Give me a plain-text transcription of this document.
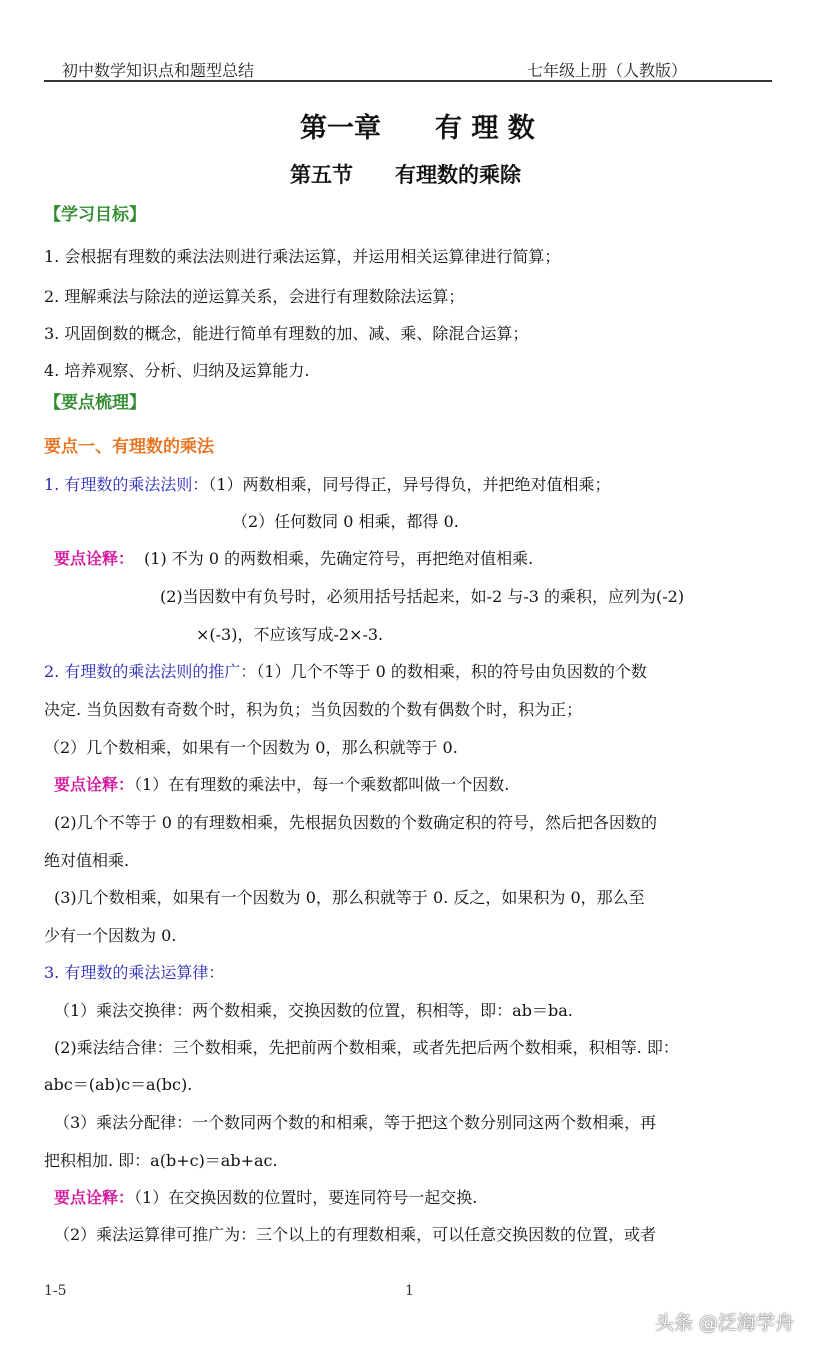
初中数学知识点和题型总结	七年级上册（人教版）
第一章　　有 理 数
第五节　　有理数的乘除
【学习目标】
1. 会根据有理数的乘法法则进行乘法运算，并运用相关运算律进行简算；
2. 理解乘法与除法的逆运算关系，会进行有理数除法运算；
3. 巩固倒数的概念，能进行简单有理数的加、减、乘、除混合运算；
4. 培养观察、分析、归纳及运算能力.
【要点梳理】
要点一、有理数的乘法
1. 有理数的乘法法则：（1）两数相乘，同号得正，异号得负，并把绝对值相乘；
（2）任何数同 0 相乘，都得 0.
要点诠释： (1) 不为 0 的两数相乘，先确定符号，再把绝对值相乘.
(2)当因数中有负号时，必须用括号括起来，如-2 与-3 的乘积，应列为(-2)
×(-3)，不应该写成-2×-3.
2. 有理数的乘法法则的推广：（1）几个不等于 0 的数相乘，积的符号由负因数的个数
决定. 当负因数有奇数个时，积为负；当负因数的个数有偶数个时，积为正；
（2）几个数相乘，如果有一个因数为 0，那么积就等于 0.
要点诠释：（1）在有理数的乘法中，每一个乘数都叫做一个因数.
(2)几个不等于 0 的有理数相乘，先根据负因数的个数确定积的符号，然后把各因数的
绝对值相乘.
(3)几个数相乘，如果有一个因数为 0，那么积就等于 0. 反之，如果积为 0，那么至
少有一个因数为 0.
3. 有理数的乘法运算律：
（1）乘法交换律：两个数相乘，交换因数的位置，积相等，即：ab＝ba.
(2)乘法结合律：三个数相乘，先把前两个数相乘，或者先把后两个数相乘，积相等. 即：
abc＝(ab)c＝a(bc).
（3）乘法分配律：一个数同两个数的和相乘，等于把这个数分别同这两个数相乘，再
把积相加. 即：a(b+c)＝ab+ac.
要点诠释：（1）在交换因数的位置时，要连同符号一起交换.
（2）乘法运算律可推广为：三个以上的有理数相乘，可以任意交换因数的位置，或者
1-5	1
头条 @泛海学舟
